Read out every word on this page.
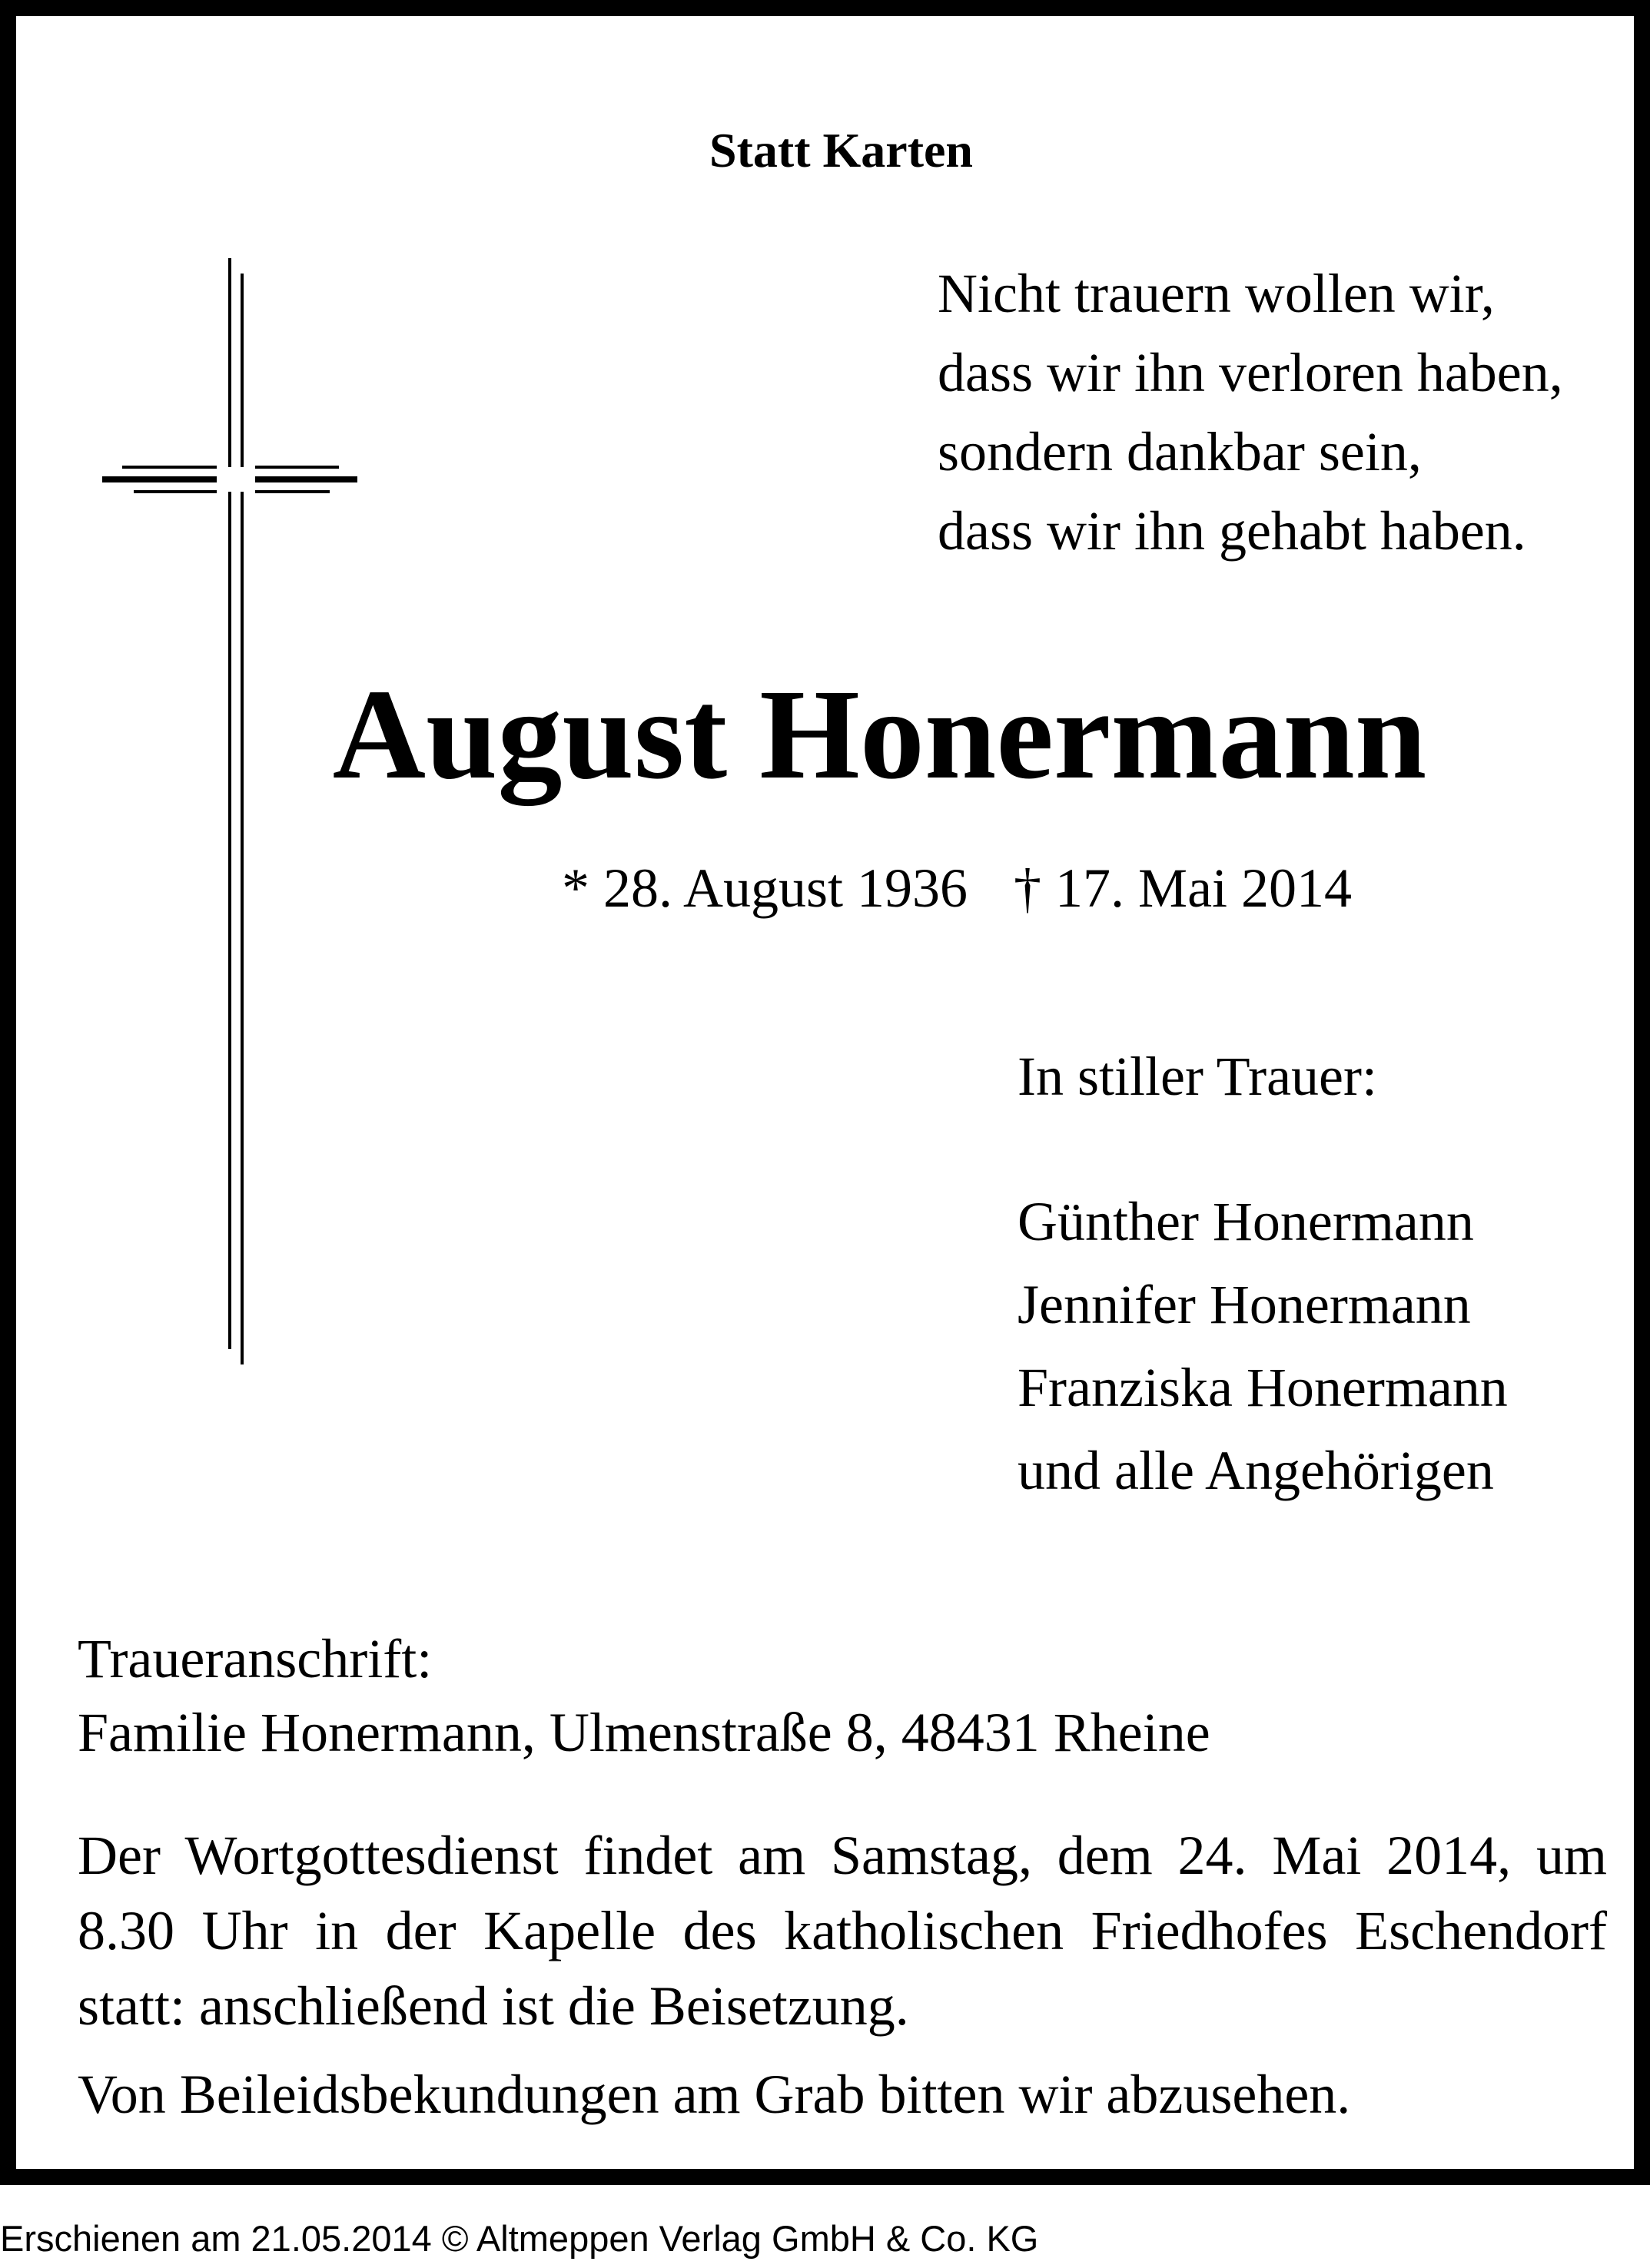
Statt Karten
Nicht trauern wollen wir,
dass wir ihn verloren haben,
sondern dankbar sein,
dass wir ihn gehabt haben.
August Honermann
* 28. August 1936 † 17. Mai 2014
In stiller Trauer:
Günther Honermann
Jennifer Honermann
Franziska Honermann
und alle Angehörigen
Traueranschrift:
Familie Honermann, Ulmenstraße 8, 48431 Rheine
Der Wortgottesdienst findet am Samstag, dem 24. Mai 2014, um 8.30 Uhr in der Kapelle des katholischen Friedhofes Eschendorf statt: anschließend ist die Beisetzung.
Von Beileidsbekundungen am Grab bitten wir abzusehen.
Erschienen am 21.05.2014 © Altmeppen Verlag GmbH & Co. KG
